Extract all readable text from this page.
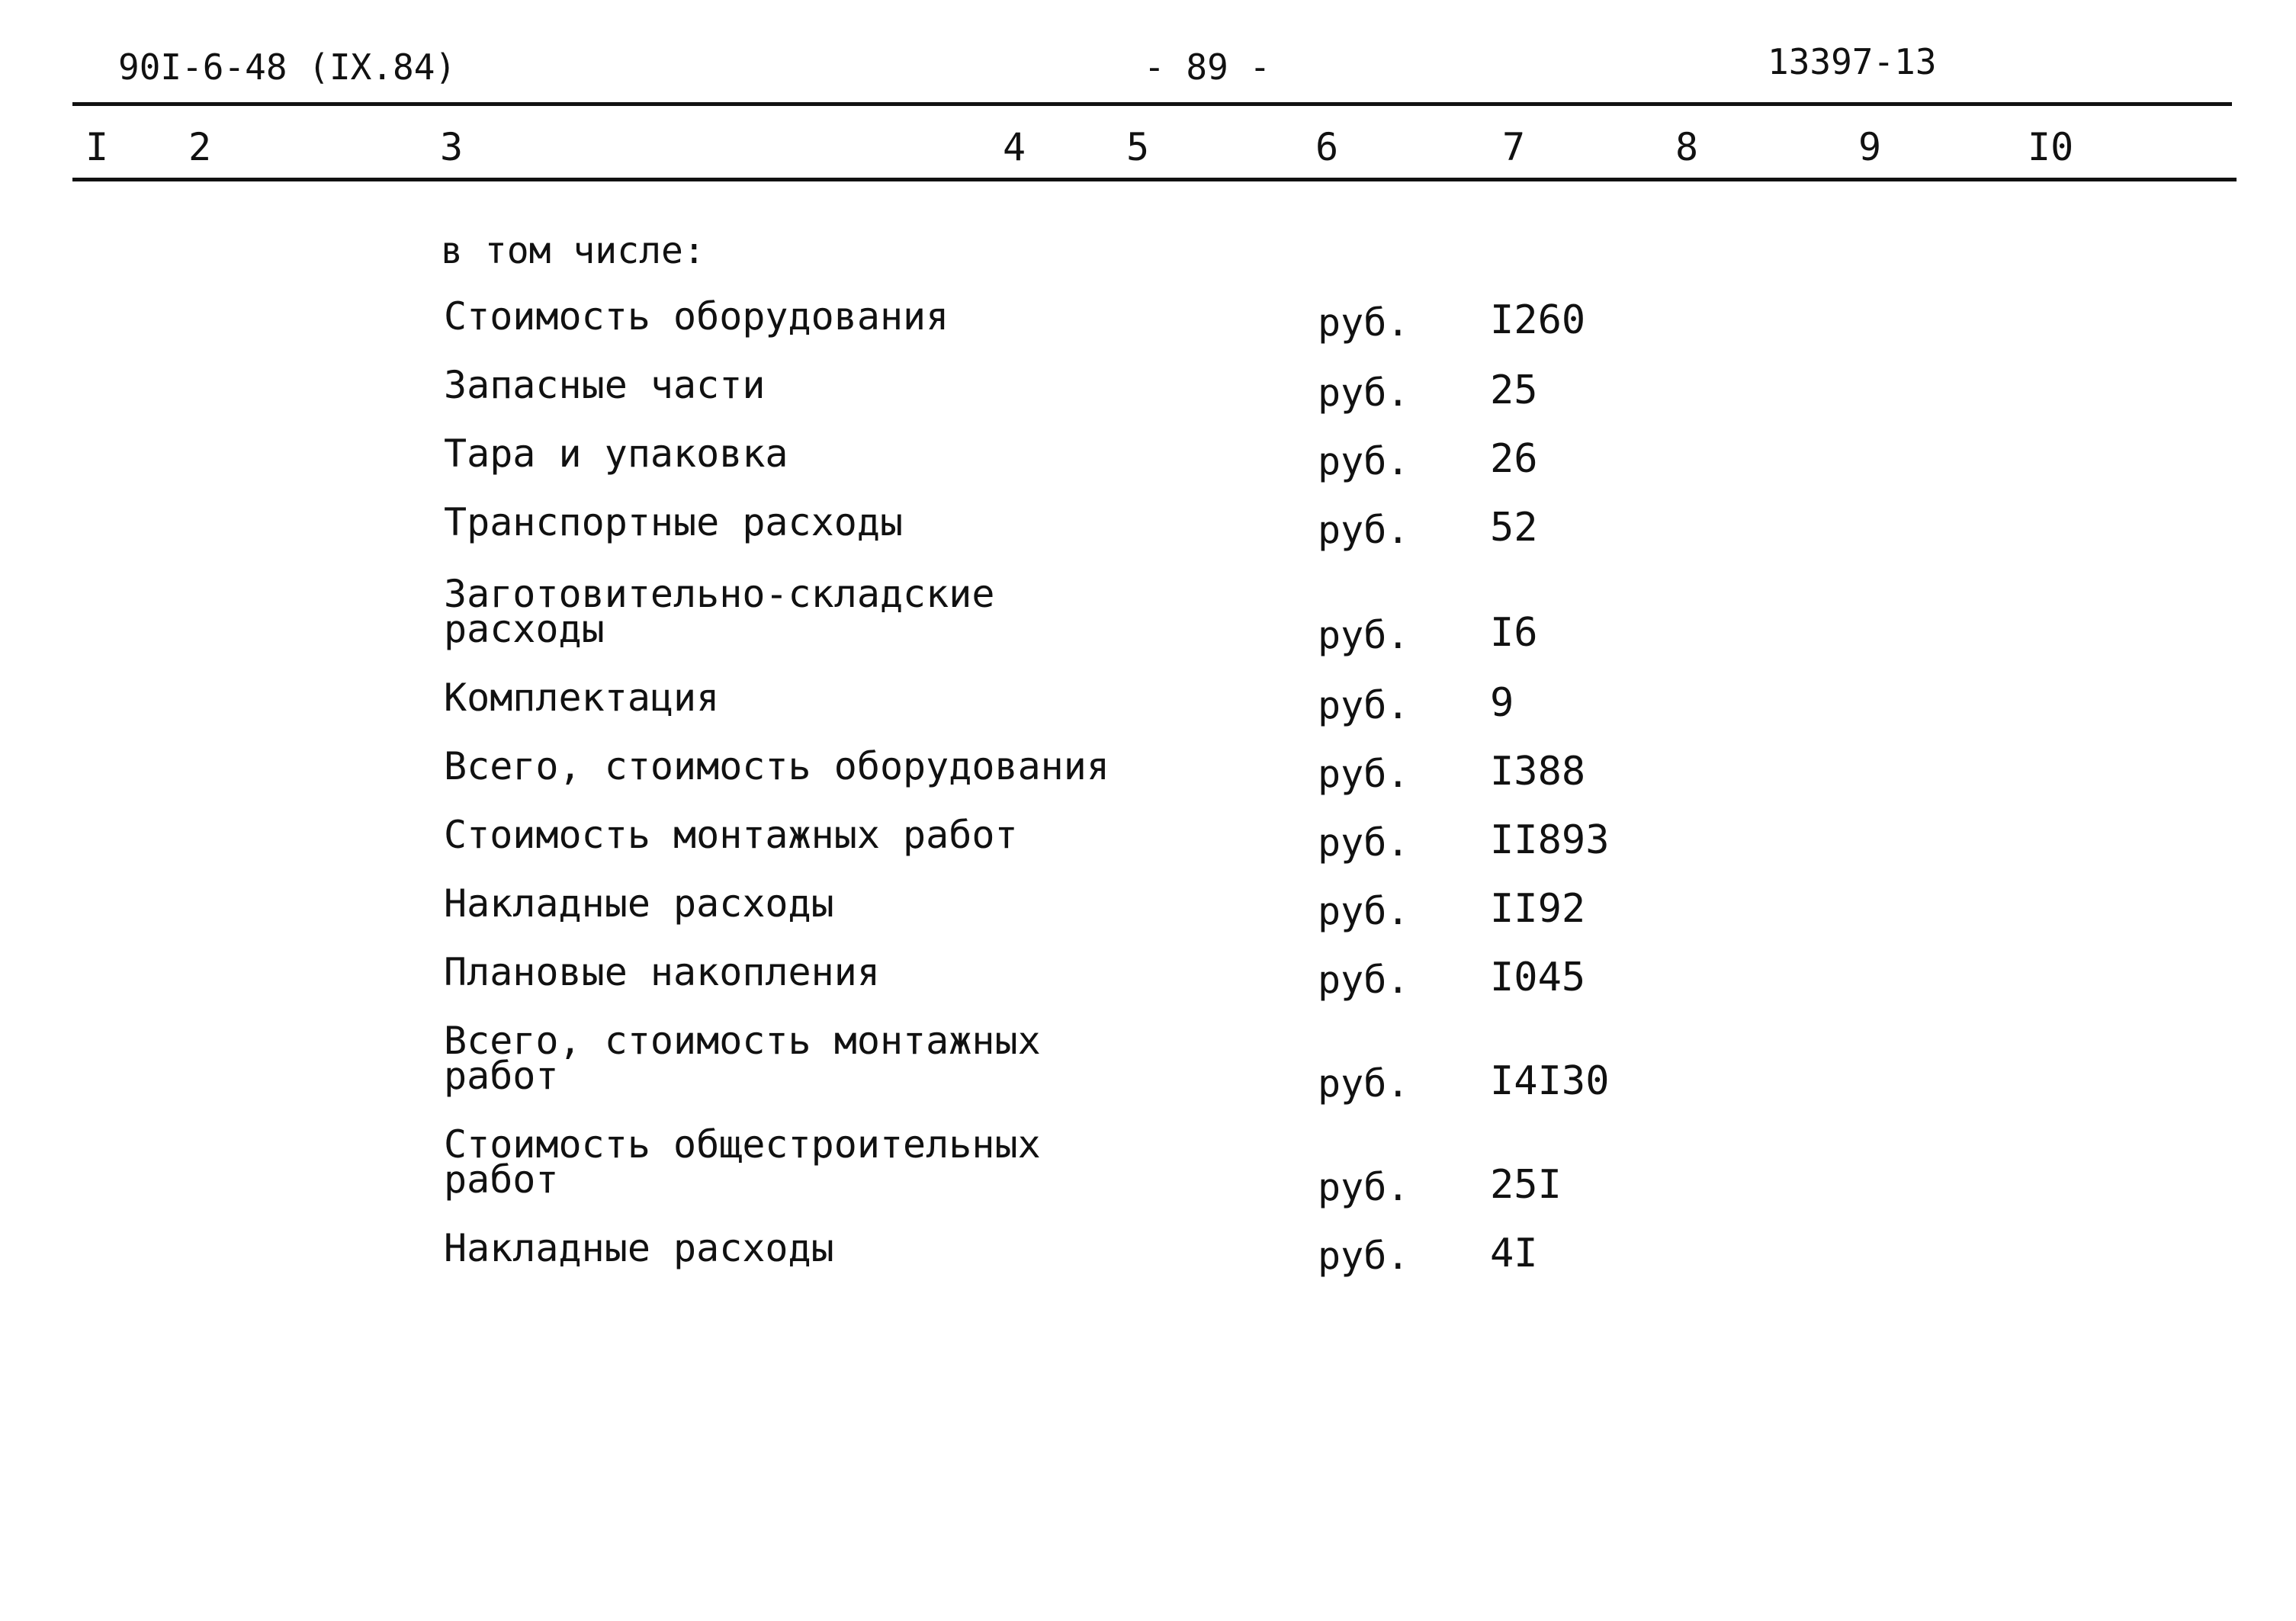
90I-6-48 (IX.84)	- 89 -	13397-13
I 2	3	4	5	6	7	8	9	I0
в том числе:
Стоимость оборудования	руб. I260
Запасные части	руб. 25
Тара и упаковка	руб. 26
Транспортные расходы	руб. 52
Заготовительно-складские
расходы	руб. I6
Комплектация	руб. 9
Всего, стоимость оборудования	руб. I388
Стоимость монтажных работ	руб. II893
Накладные расходы	руб. II92
Плановые накопления	руб. I045
Всего, стоимость монтажных
работ	руб. I4I30
Стоимость общестроительных
работ	руб. 25I
Накладные расходы	руб. 4I
